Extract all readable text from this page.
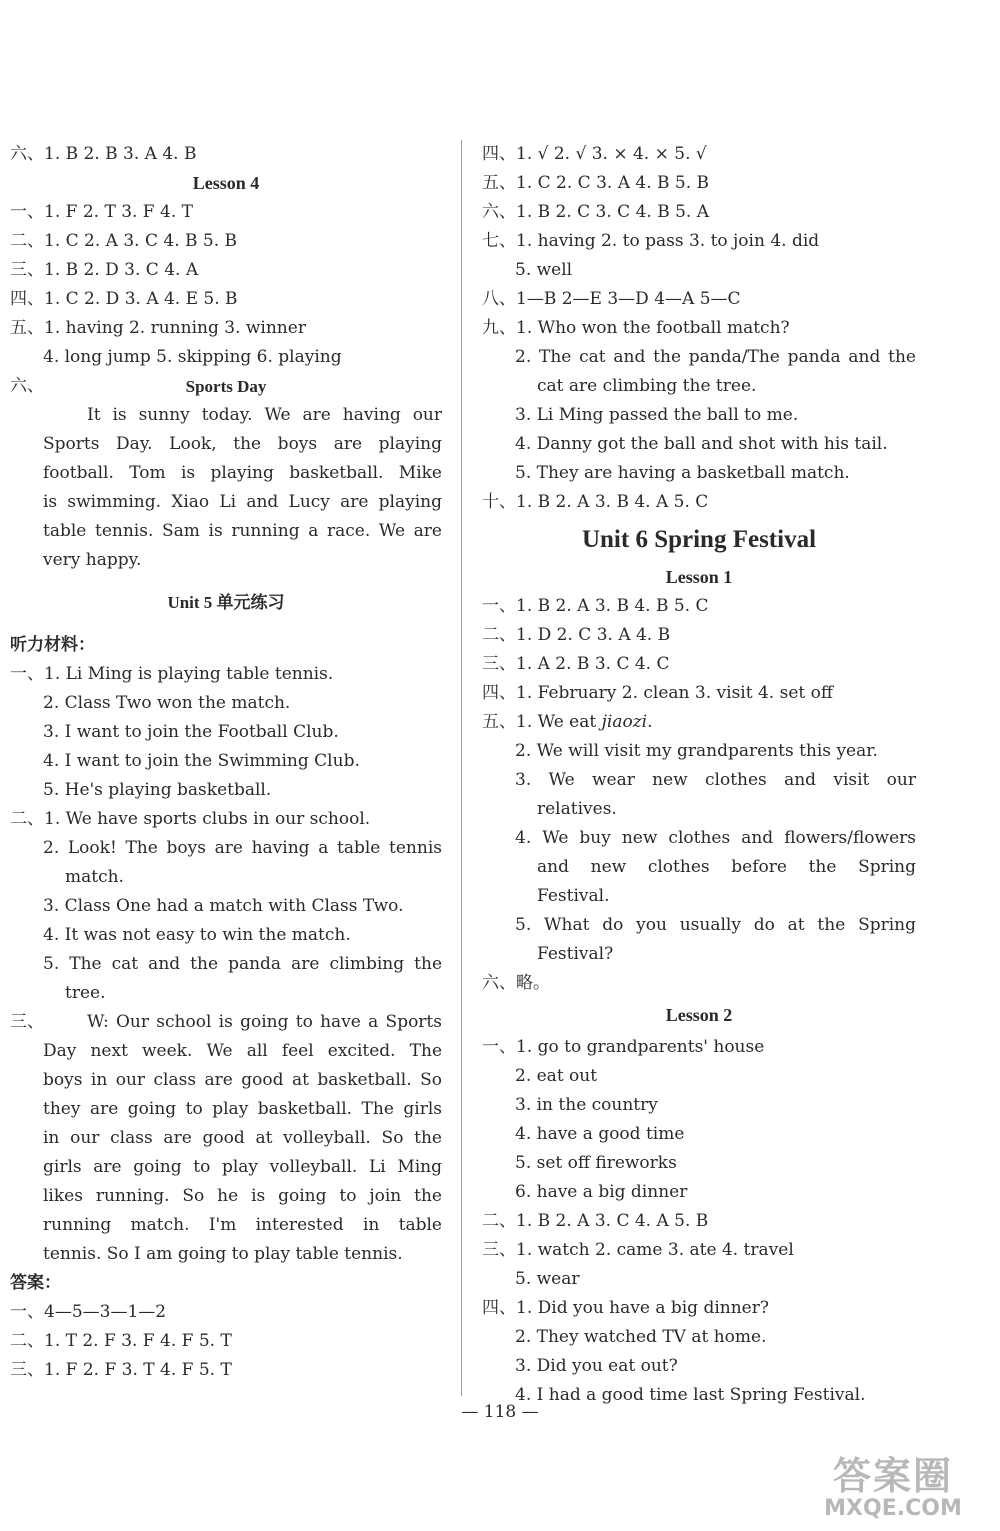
六、1. B 2. B 3. A 4. B
Lesson 4
一、1. F 2. T 3. F 4. T
二、1. C 2. A 3. C 4. B 5. B
三、1. B 2. D 3. C 4. A
四、1. C 2. D 3. A 4. E 5. B
五、1. having 2. running 3. winner
4. long jump 5. skipping 6. playing
六、	Sports Day
It is sunny today. We are having our
Sports Day. Look, the boys are playing
football. Tom is playing basketball. Mike
is swimming. Xiao Li and Lucy are playing
table tennis. Sam is running a race. We are
very happy.
Unit 5 单元练习
听力材料：
一、1. Li Ming is playing table tennis.
2. Class Two won the match.
3. I want to join the Football Club.
4. I want to join the Swimming Club.
5. He's playing basketball.
二、1. We have sports clubs in our school.
2. Look! The boys are having a table tennis
match.
3. Class One had a match with Class Two.
4. It was not easy to win the match.
5. The cat and the panda are climbing the
tree.
三、	W: Our school is going to have a Sports
Day next week. We all feel excited. The
boys in our class are good at basketball. So
they are going to play basketball. The girls
in our class are good at volleyball. So the
girls are going to play volleyball. Li Ming
likes running. So he is going to join the
running match. I'm interested in table
tennis. So I am going to play table tennis.
答案：
一、4—5—3—1—2
二、1. T 2. F 3. F 4. F 5. T
三、1. F 2. F 3. T 4. F 5. T
四、1. √ 2. √ 3. × 4. × 5. √
五、1. C 2. C 3. A 4. B 5. B
六、1. B 2. C 3. C 4. B 5. A
七、1. having 2. to pass 3. to join 4. did
5. well
八、1—B 2—E 3—D 4—A 5—C
九、1. Who won the football match?
2. The cat and the panda/The panda and the
cat are climbing the tree.
3. Li Ming passed the ball to me.
4. Danny got the ball and shot with his tail.
5. They are having a basketball match.
十、1. B 2. A 3. B 4. A 5. C
Unit 6 Spring Festival
Lesson 1
一、1. B 2. A 3. B 4. B 5. C
二、1. D 2. C 3. A 4. B
三、1. A 2. B 3. C 4. C
四、1. February 2. clean 3. visit 4. set off
五、1. We eat jiaozi.
2. We will visit my grandparents this year.
3. We wear new clothes and visit our
relatives.
4. We buy new clothes and flowers/flowers
and new clothes before the Spring
Festival.
5. What do you usually do at the Spring
Festival?
六、略。
Lesson 2
一、1. go to grandparents' house
2. eat out
3. in the country
4. have a good time
5. set off fireworks
6. have a big dinner
二、1. B 2. A 3. C 4. A 5. B
三、1. watch 2. came 3. ate 4. travel
5. wear
四、1. Did you have a big dinner?
2. They watched TV at home.
3. Did you eat out?
4. I had a good time last Spring Festival.
— 118 —
答案圈
MXQE.COM
